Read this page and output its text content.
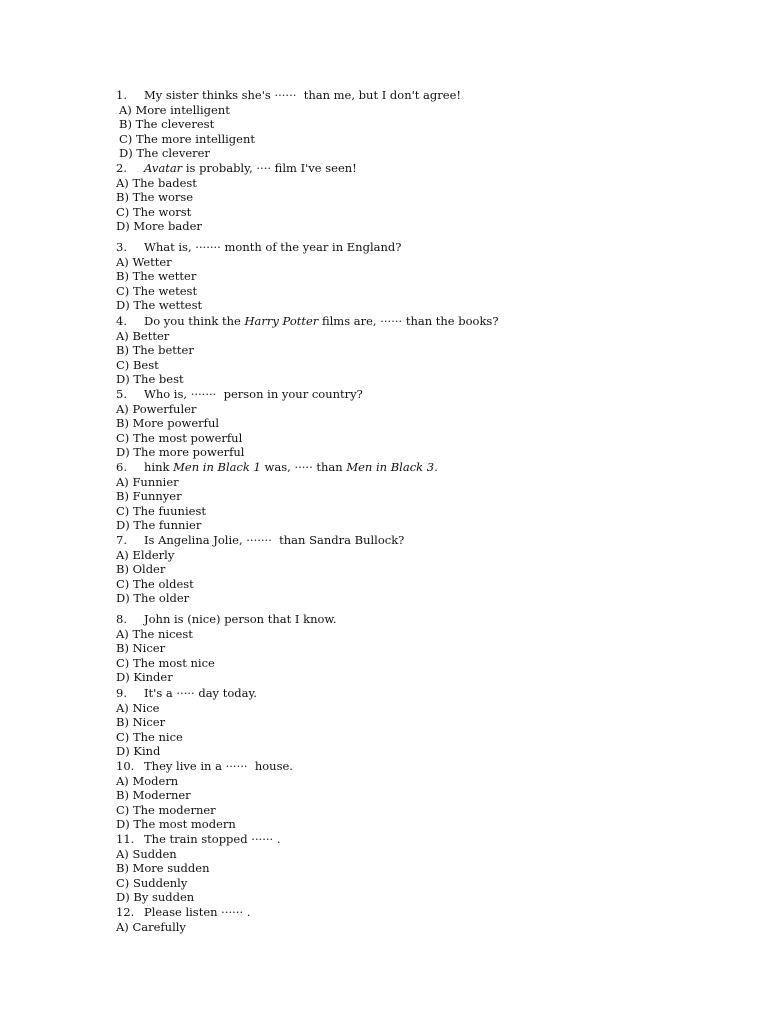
1. My sister thinks she's ······  than me, but I don't agree!
A) More intelligent
B) The cleverest
C) The more intelligent
D) The cleverer
2. Avatar is probably, ···· film I've seen!
A) The badest
B) The worse
C) The worst
D) More bader
3. What is, ······· month of the year in England?
A) Wetter
B) The wetter
C) The wetest
D) The wettest
4. Do you think the Harry Potter films are, ······ than the books?
A) Better
B) The better
C) Best
D) The best
5. Who is, ·······  person in your country?
A) Powerfuler
B) More powerful
C) The most powerful
D) The more powerful
6. hink Men in Black 1 was, ····· than Men in Black 3.
A) Funnier
B) Funnyer
C) The fuuniest
D) The funnier
7. Is Angelina Jolie, ·······  than Sandra Bullock?
A) Elderly
B) Older
C) The oldest
D) The older
8. John is (nice) person that I know.
A) The nicest
B) Nicer
C) The most nice
D) Kinder
9. It's a ····· day today.
A) Nice
B) Nicer
C) The nice
D) Kind
10. They live in a ······  house.
A) Modern
B) Moderner
C) The moderner
D) The most modern
11. The train stopped ······ .
A) Sudden
B) More sudden
C) Suddenly
D) By sudden
12. Please listen ······ .
A) Carefully
